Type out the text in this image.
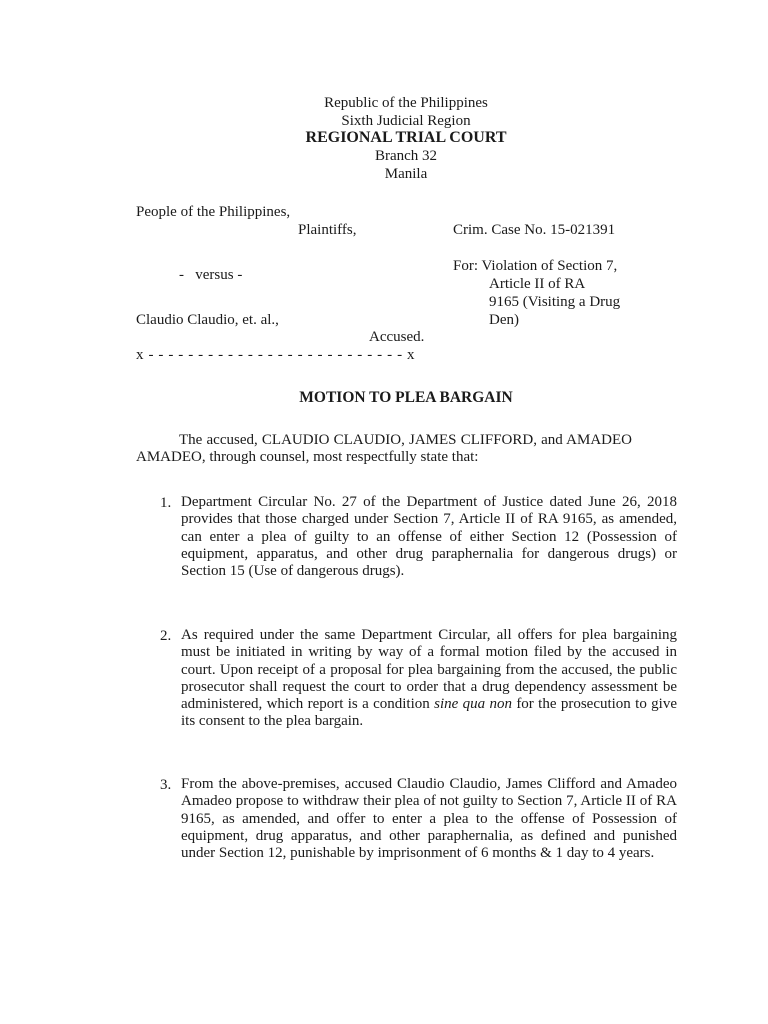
Republic of the Philippines
Sixth Judicial Region
REGIONAL TRIAL COURT
Branch 32
Manila
People of the Philippines,
Plaintiffs,
-   versus -
Claudio Claudio, et. al.,
Accused.
x - - - - - - - - - - - - - - - - - - - - - - - - - - x
Crim. Case No. 15-021391
For: Violation of Section 7,
Article II of RA
9165 (Visiting a Drug
Den)
MOTION TO PLEA BARGAIN
The accused, CLAUDIO CLAUDIO, JAMES CLIFFORD, and AMADEO AMADEO, through counsel, most respectfully state that:
1. Department Circular No. 27 of the Department of Justice dated June 26, 2018 provides that those charged under Section 7, Article II of RA 9165, as amended, can enter a plea of guilty to an offense of either Section 12 (Possession of equipment, apparatus, and other drug paraphernalia for dangerous drugs) or Section 15 (Use of dangerous drugs).
2. As required under the same Department Circular, all offers for plea bargaining must be initiated in writing by way of a formal motion filed by the accused in court. Upon receipt of a proposal for plea bargaining from the accused, the public prosecutor shall request the court to order that a drug dependency assessment be administered, which report is a condition sine qua non for the prosecution to give its consent to the plea bargain.
3. From the above-premises, accused Claudio Claudio, James Clifford and Amadeo Amadeo propose to withdraw their plea of not guilty to Section 7, Article II of RA 9165, as amended, and offer to enter a plea to the offense of Possession of equipment, drug apparatus, and other paraphernalia, as defined and punished under Section 12, punishable by imprisonment of 6 months & 1 day to 4 years.
